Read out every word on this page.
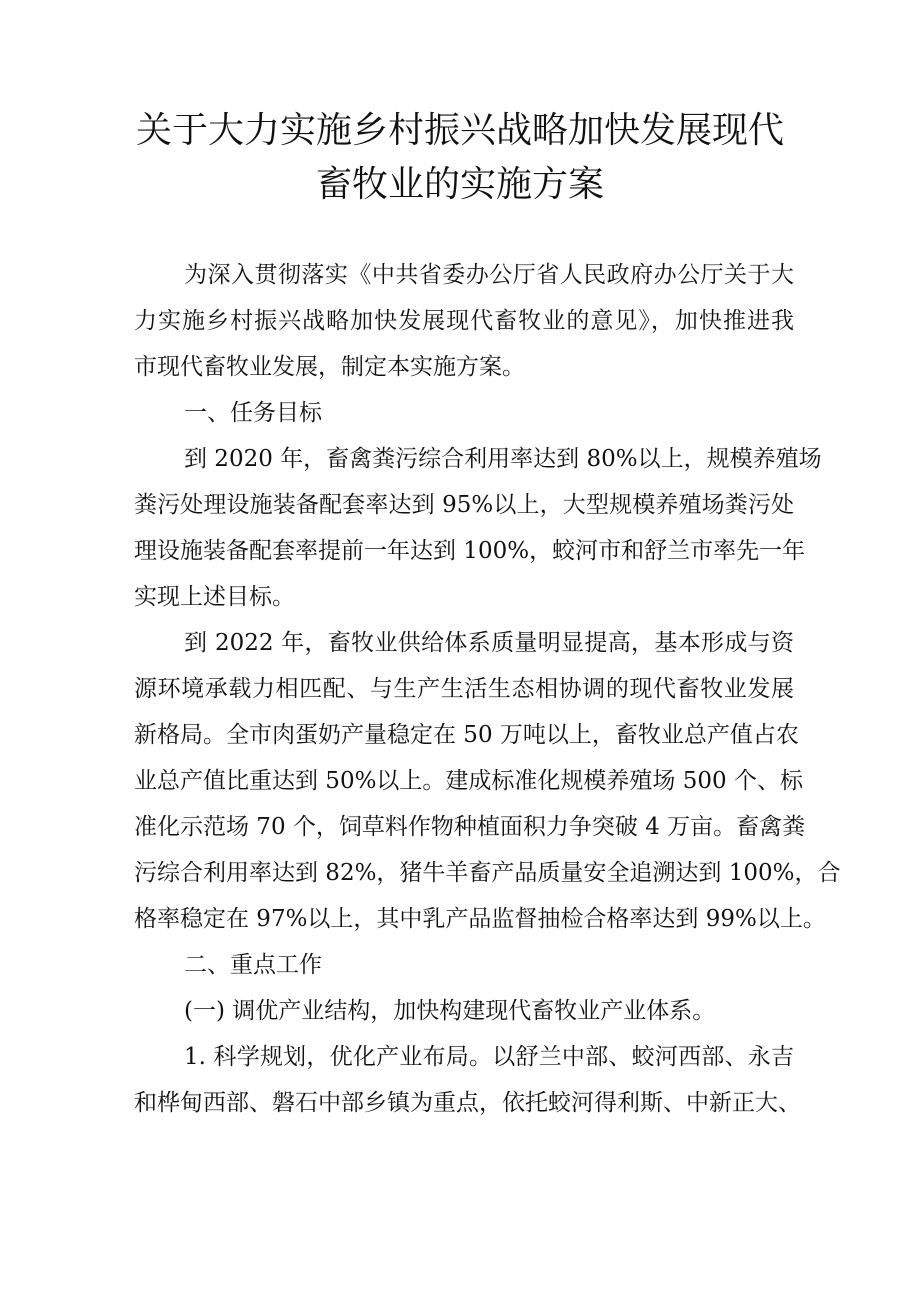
关于大力实施乡村振兴战略加快发展现代
畜牧业的实施方案
为深入贯彻落实《中共省委办公厅省人民政府办公厅关于大
力实施乡村振兴战略加快发展现代畜牧业的意见》，加快推进我
市现代畜牧业发展，制定本实施方案。
一、任务目标
到 2020 年，畜禽粪污综合利用率达到 80%以上，规模养殖场
粪污处理设施装备配套率达到 95%以上，大型规模养殖场粪污处
理设施装备配套率提前一年达到 100%，蛟河市和舒兰市率先一年
实现上述目标。
到 2022 年，畜牧业供给体系质量明显提高，基本形成与资
源环境承载力相匹配、与生产生活生态相协调的现代畜牧业发展
新格局。全市肉蛋奶产量稳定在 50 万吨以上，畜牧业总产值占农
业总产值比重达到 50%以上。建成标准化规模养殖场 500 个、标
准化示范场 70 个，饲草料作物种植面积力争突破 4 万亩。畜禽粪
污综合利用率达到 82%，猪牛羊畜产品质量安全追溯达到 100%，合
格率稳定在 97%以上，其中乳产品监督抽检合格率达到 99%以上。
二、重点工作
(一) 调优产业结构，加快构建现代畜牧业产业体系。
1. 科学规划，优化产业布局。以舒兰中部、蛟河西部、永吉
和桦甸西部、磐石中部乡镇为重点，依托蛟河得利斯、中新正大、
